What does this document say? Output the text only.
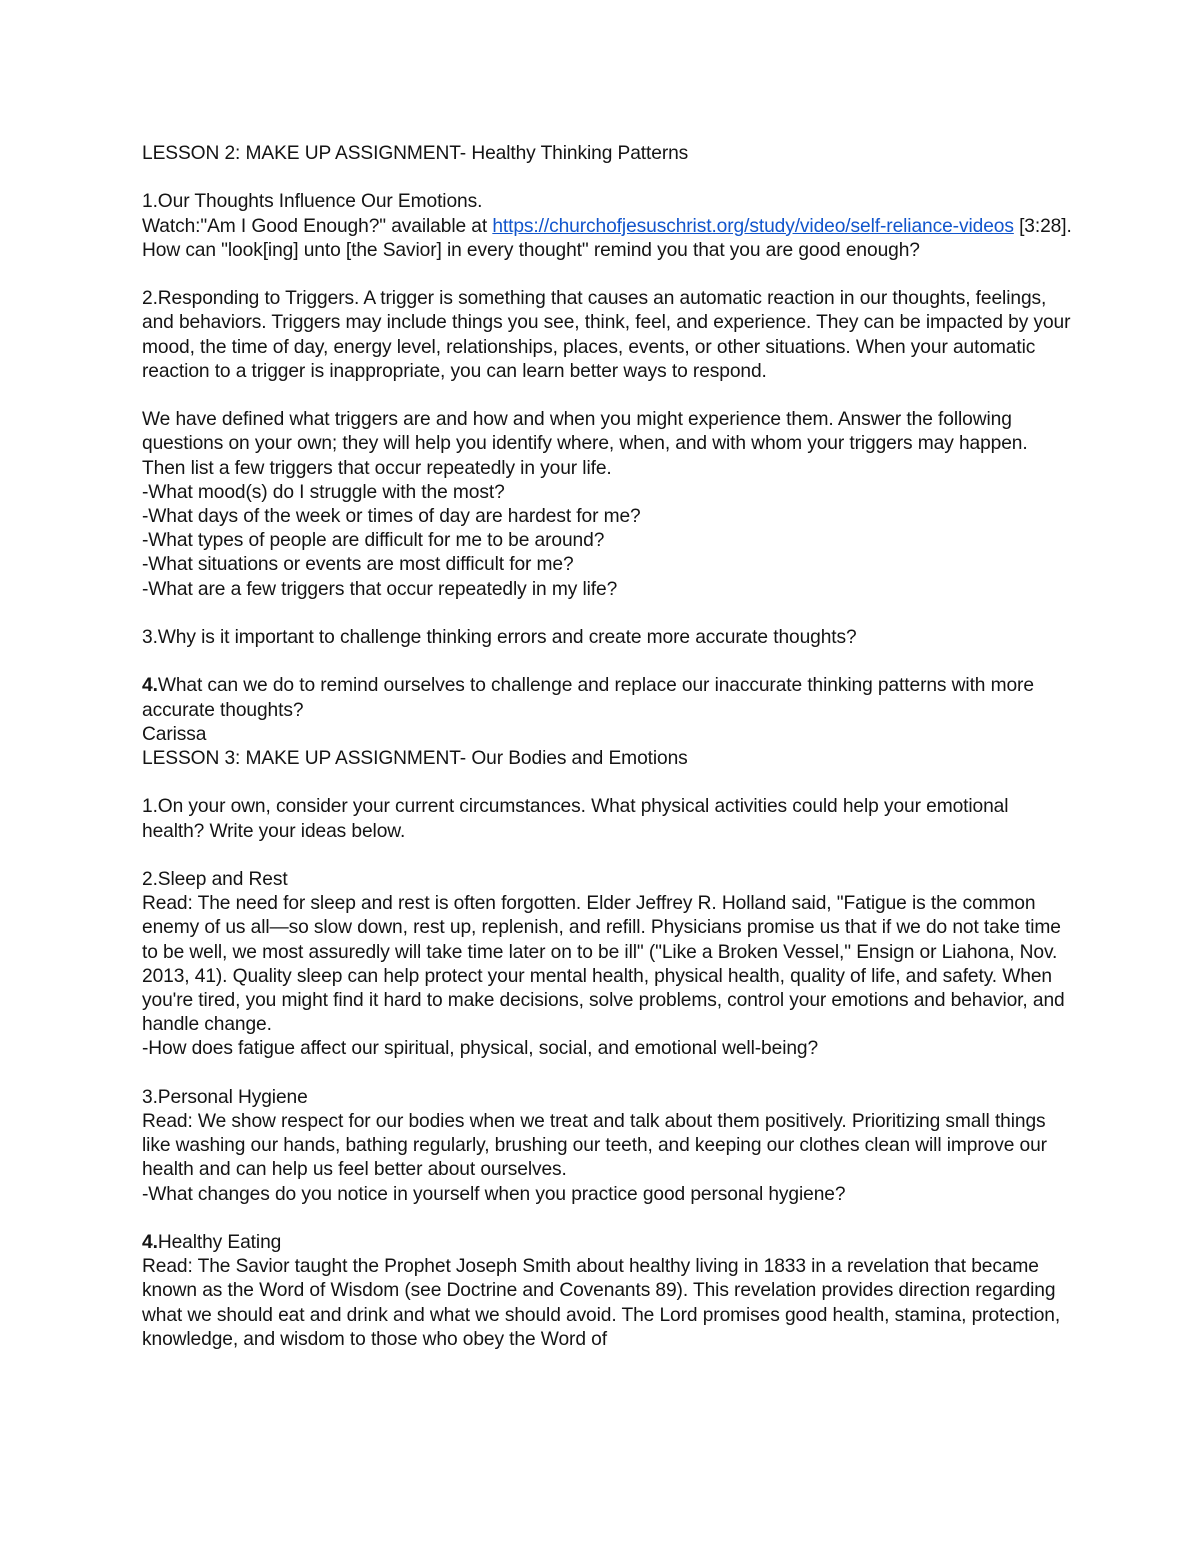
LESSON 2: MAKE UP ASSIGNMENT- Healthy Thinking Patterns

1.Our Thoughts Influence Our Emotions.

Watch:"Am I Good Enough?" available at https://churchofjesuschrist.org/study/video/self-reliance-videos [3:28]. How can "look[ing] unto [the Savior] in every thought" remind you that you are good enough?

2.Responding to Triggers. A trigger is something that causes an automatic reaction in our thoughts, feelings, and behaviors. Triggers may include things you see, think, feel, and experience. They can be impacted by your mood, the time of day, energy level, relationships, places, events, or other situations. When your automatic reaction to a trigger is inappropriate, you can learn better ways to respond.

We have defined what triggers are and how and when you might experience them. Answer the following questions on your own; they will help you identify where, when, and with whom your triggers may happen. Then list a few triggers that occur repeatedly in your life.

-What mood(s) do I struggle with the most?

-What days of the week or times of day are hardest for me?

-What types of people are difficult for me to be around?

-What situations or events are most difficult for me?

-What are a few triggers that occur repeatedly in my life?

3.Why is it important to challenge thinking errors and create more accurate thoughts?

4.What can we do to remind ourselves to challenge and replace our inaccurate thinking patterns with more accurate thoughts?

Carissa

LESSON 3: MAKE UP ASSIGNMENT- Our Bodies and Emotions

1.On your own, consider your current circumstances. What physical activities could help your emotional health? Write your ideas below.

2.Sleep and Rest

Read: The need for sleep and rest is often forgotten. Elder Jeffrey R. Holland said, "Fatigue is the common enemy of us all—so slow down, rest up, replenish, and refill. Physicians promise us that if we do not take time to be well, we most assuredly will take time later on to be ill" ("Like a Broken Vessel," Ensign or Liahona, Nov. 2013, 41). Quality sleep can help protect your mental health, physical health, quality of life, and safety. When you're tired, you might find it hard to make decisions, solve problems, control your emotions and behavior, and handle change.

-How does fatigue affect our spiritual, physical, social, and emotional well-being?

3.Personal Hygiene

Read: We show respect for our bodies when we treat and talk about them positively. Prioritizing small things like washing our hands, bathing regularly, brushing our teeth, and keeping our clothes clean will improve our health and can help us feel better about ourselves.

-What changes do you notice in yourself when you practice good personal hygiene?

4.Healthy Eating

Read: The Savior taught the Prophet Joseph Smith about healthy living in 1833 in a revelation that became known as the Word of Wisdom (see Doctrine and Covenants 89). This revelation provides direction regarding what we should eat and drink and what we should avoid. The Lord promises good health, stamina, protection, knowledge, and wisdom to those who obey the Word of
